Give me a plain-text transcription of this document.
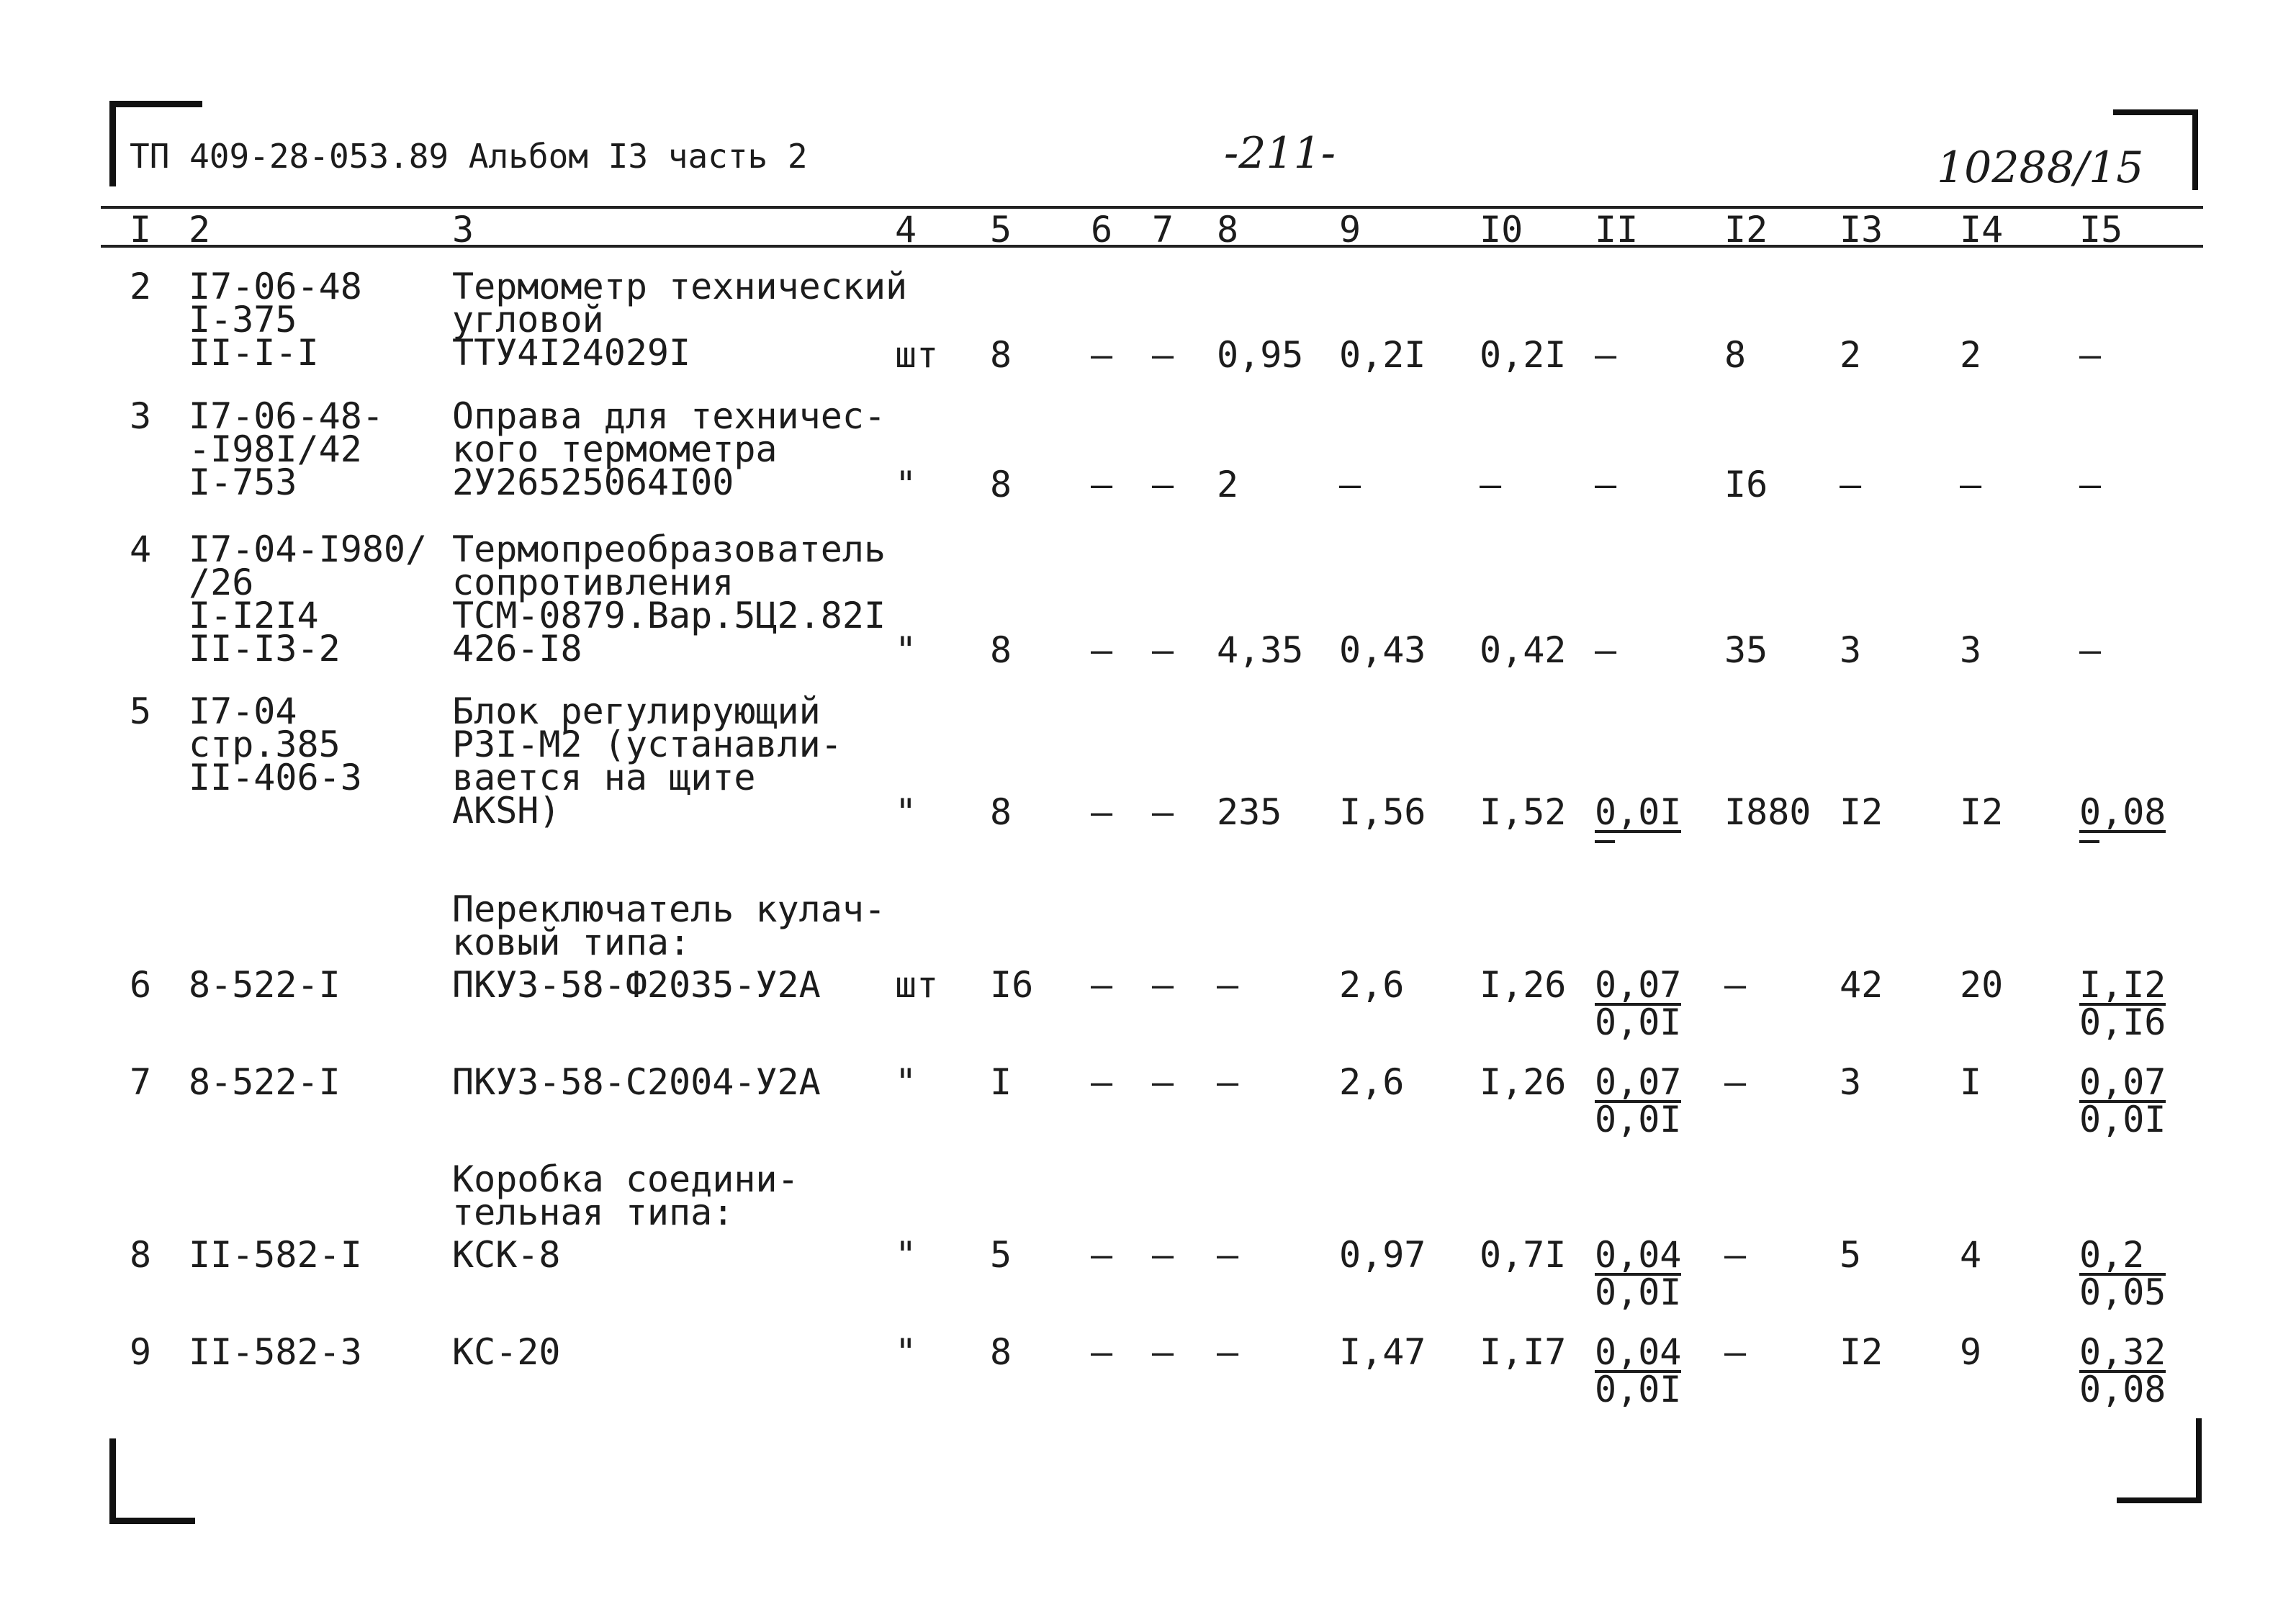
ТП 409-28-053.89 Альбом I3 часть 2	-211-	10288/15
I 2	3	4 5 6 7 8	9	I0 II I2 I3 I4 I5
2 I7-06-48
I-375
II-I-I
Термометр технический
угловой
ТТУ4I24029I	шт 8 – – 0,95 0,2I 0,2I –	8	2	2	–
3 I7-06-48-
-I98I/42
I-753
Оправа для техничес-
кого термометра
2У26525064I00	" 8 – – 2	–	–	–	I6 –	–	–
4 I7-04-I980/
/26
I-I2I4
II-I3-2
Термопреобразователь
сопротивления
ТСМ-0879.Вар.5Ц2.82I
426-I8	" 8 – – 4,35 0,43 0,42 –	35 3	3	–
5 I7-04
стр.385
II-406-3
Блок регулирующий
РЗI-М2 (устанавли-
вается на щите
АКSН)	" 8 – – 235 I,56 I,52 0,0I I880 I2 I2 0,08
Переключатель кулач-
ковый типа:
6 8-522-I	ПКУЗ-58-Ф2035-У2А шт I6 – – –	2,6 $I,26 \frac{0,07}{0,0I}$ –	42 $20 \frac{I,I2}{0,I6}$
7 8-522-I	ПКУЗ-58-С2004-У2А " I – – –	2,6 $I,26 \frac{0,07}{0,0I}$ –	3	I	$\frac{0,07}{0,0I}$
Коробка соедини-
тельная типа:
8 II-582-I	КСК-8	" 5 – – –	0,97 $0,7I \frac{0,04}{0,0I}$ –	5	4	$\frac{0,2}{0,05}$
9 II-582-3	КС-20	" 8 – – –	I,47 $I,I7 \frac{0,04}{0,0I}$ –	I2 9	$\frac{0,32}{0,08}$
